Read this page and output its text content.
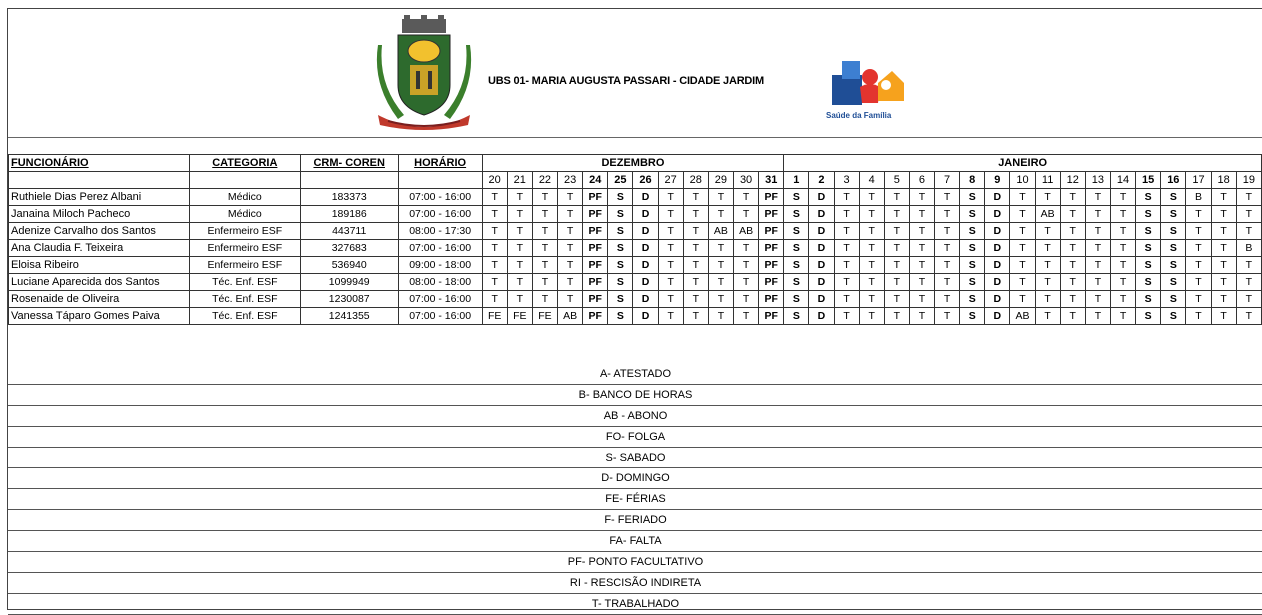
UBS 01- MARIA AUGUSTA PASSARI - CIDADE JARDIM
Saúde da Família
FUNCIONÁRIO	CATEGORIA	CRM- COREN	HORÁRIO	DEZEMBRO												JANEIRO																		
				20	21	22	23	24	25	26	27	28	29	30	31	1	2	3	4	5	6	7	8	9	10	11	12	13	14	15	16	17	18	19
Ruthiele Dias Perez Albani	Médico	183373	07:00 - 16:00	T	T	T	T	PF	S	D	T	T	T	T	PF	S	D	T	T	T	T	T	S	D	T	T	T	T	T	S	S	B	T	T
Janaina Miloch Pacheco	Médico	189186	07:00 - 16:00	T	T	T	T	PF	S	D	T	T	T	T	PF	S	D	T	T	T	T	T	S	D	T	AB	T	T	T	S	S	T	T	T
Adenize Carvalho dos Santos	Enfermeiro ESF	443711	08:00 - 17:30	T	T	T	T	PF	S	D	T	T	AB	AB	PF	S	D	T	T	T	T	T	S	D	T	T	T	T	T	S	S	T	T	T
Ana Claudia F. Teixeira	Enfermeiro ESF	327683	07:00 - 16:00	T	T	T	T	PF	S	D	T	T	T	T	PF	S	D	T	T	T	T	T	S	D	T	T	T	T	T	S	S	T	T	B
Eloisa Ribeiro	Enfermeiro ESF	536940	09:00 - 18:00	T	T	T	T	PF	S	D	T	T	T	T	PF	S	D	T	T	T	T	T	S	D	T	T	T	T	T	S	S	T	T	T
Luciane Aparecida dos Santos	Téc. Enf. ESF	1099949	08:00 - 18:00	T	T	T	T	PF	S	D	T	T	T	T	PF	S	D	T	T	T	T	T	S	D	T	T	T	T	T	S	S	T	T	T
Rosenaide de Oliveira	Téc. Enf. ESF	1230087	07:00 - 16:00	T	T	T	T	PF	S	D	T	T	T	T	PF	S	D	T	T	T	T	T	S	D	T	T	T	T	T	S	S	T	T	T
Vanessa Táparo Gomes Paiva	Téc. Enf. ESF	1241355	07:00 - 16:00	FE	FE	FE	AB	PF	S	D	T	T	T	T	PF	S	D	T	T	T	T	T	S	D	AB	T	T	T	T	S	S	T	T	T
A- ATESTADO
B- BANCO DE HORAS
AB - ABONO
FO- FOLGA
S- SABADO
D- DOMINGO
FE- FÉRIAS
F- FERIADO
FA- FALTA
PF- PONTO FACULTATIVO
RI - RESCISÃO INDIRETA
T- TRABALHADO
